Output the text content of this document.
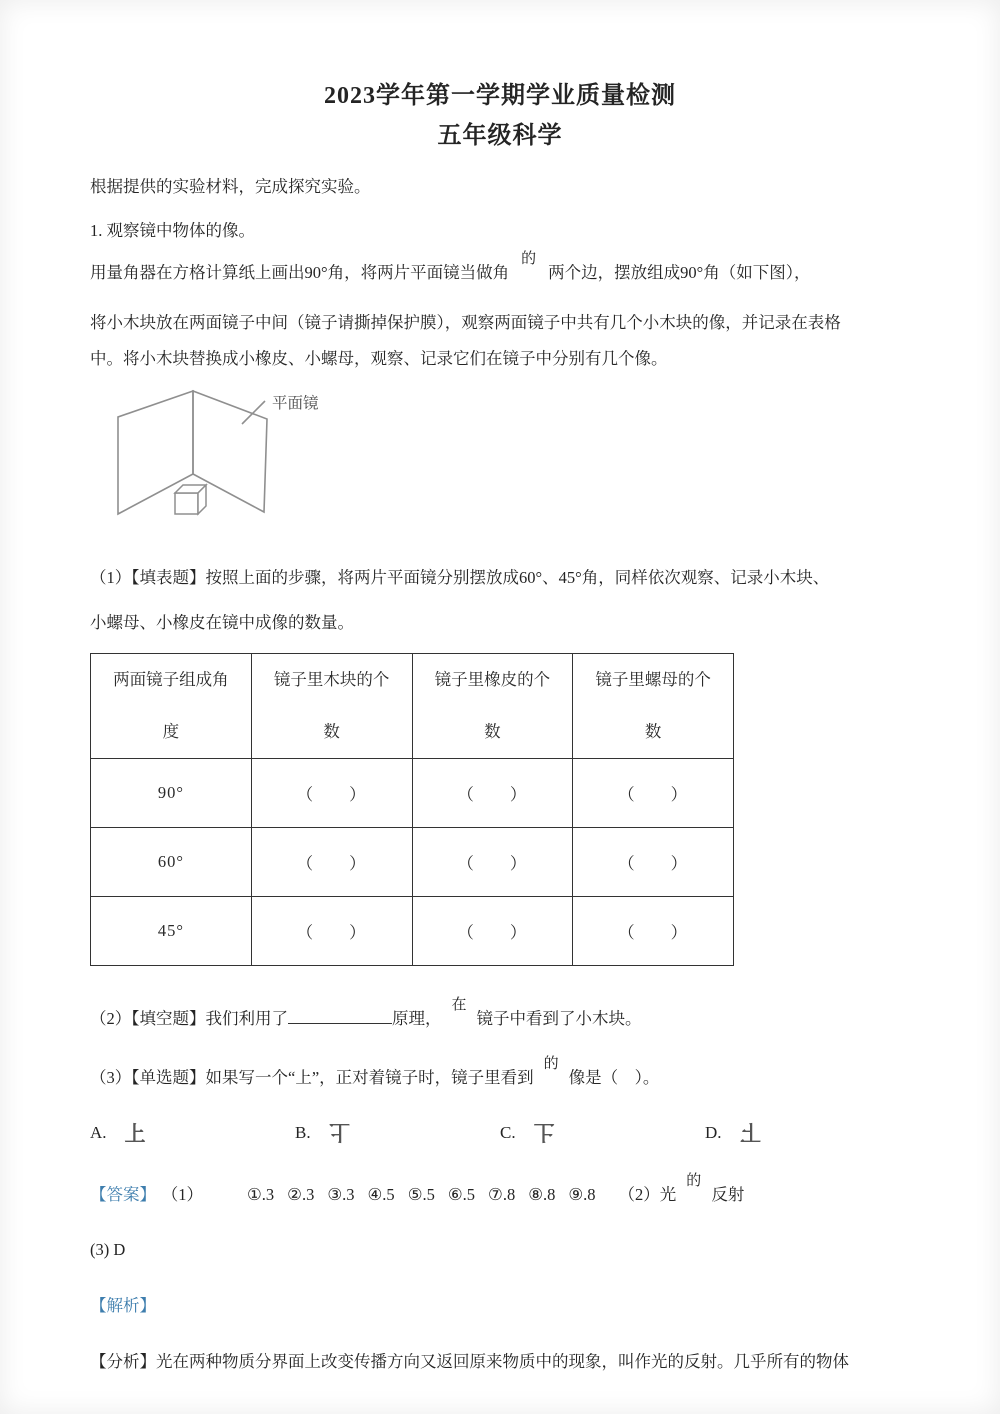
2023学年第一学期学业质量检测
五年级科学

根据提供的实验材料，完成探究实验。

1. 观察镜中物体的像。

用量角器在方格计算纸上画出90°角，将两片平面镜当做角的两个边，摆放组成90°角（如下图），

将小木块放在两面镜子中间（镜子请撕掉保护膜），观察两面镜子中共有几个小木块的像，并记录在表格
中。将小木块替换成小橡皮、小螺母，观察、记录它们在镜子中分别有几个像。

平面镜

（1）【填表题】按照上面的步骤，将两片平面镜分别摆放成60°、45°角，同样依次观察、记录小木块、
小螺母、小橡皮在镜中成像的数量。

两面镜子组成角度	镜子里木块的个数	镜子里橡皮的个数	镜子里螺母的个数
90°	（　　）	（　　）	（　　）
60°	（　　）	（　　）	（　　）
45°	（　　）	（　　）	（　　）

（2）【填空题】我们利用了	原理，在镜子中看到了小木块。

（3）【单选题】如果写一个“上”，正对着镜子时，镜子里看到的像是（　）。

A. 上	B. 上	C. 上	D. 上

【答案】 （1）	①.3 ②.3 ③.3 ④.5 ⑤.5 ⑥.5 ⑦.8 ⑧.8 ⑨.8 （2）光的反射

(3) D

【解析】

【分析】光在两种物质分界面上改变传播方向又返回原来物质中的现象，叫作光的反射。几乎所有的物体
